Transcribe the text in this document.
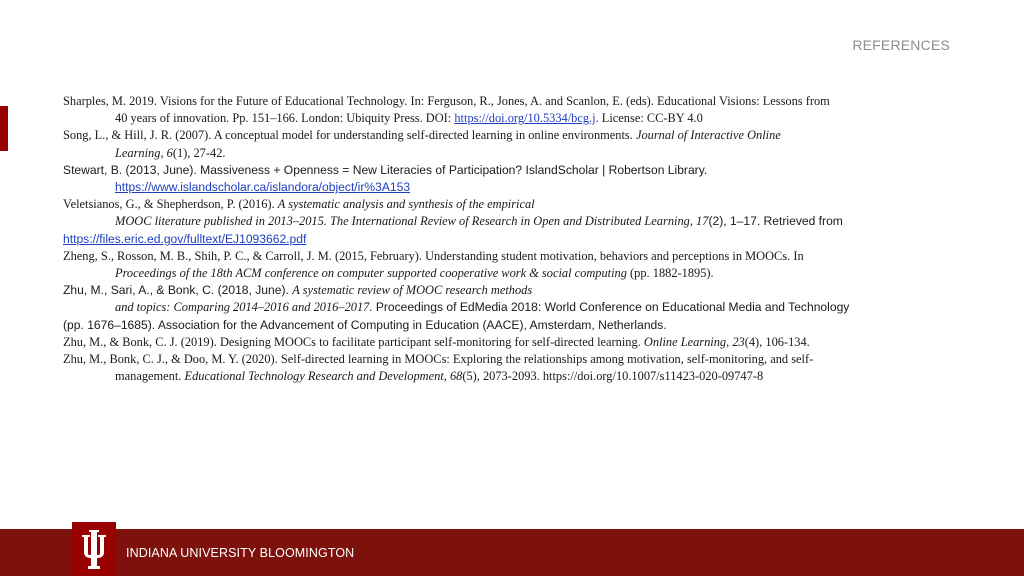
REFERENCES
Sharples, M. 2019. Visions for the Future of Educational Technology. In: Ferguson, R., Jones, A. and Scanlon, E. (eds). Educational Visions: Lessons from
40 years of innovation. Pp. 151–166. London: Ubiquity Press. DOI: https://doi.org/10.5334/bcg.j. License: CC-BY 4.0
Song, L., & Hill, J. R. (2007). A conceptual model for understanding self-directed learning in online environments. Journal of Interactive Online
Learning, 6(1), 27-42.
Stewart, B. (2013, June). Massiveness + Openness = New Literacies of Participation? IslandScholar | Robertson Library.
https://www.islandscholar.ca/islandora/object/ir%3A153
Veletsianos, G., & Shepherdson, P. (2016). A systematic analysis and synthesis of the empirical
MOOC literature published in 2013–2015. The International Review of Research in Open and Distributed Learning, 17(2), 1–17. Retrieved from
https://files.eric.ed.gov/fulltext/EJ1093662.pdf
Zheng, S., Rosson, M. B., Shih, P. C., & Carroll, J. M. (2015, February). Understanding student motivation, behaviors and perceptions in MOOCs. In
Proceedings of the 18th ACM conference on computer supported cooperative work & social computing (pp. 1882-1895).
Zhu, M., Sari, A., & Bonk, C. (2018, June). A systematic review of MOOC research methods
and topics: Comparing 2014–2016 and 2016–2017. Proceedings of EdMedia 2018: World Conference on Educational Media and Technology
(pp. 1676–1685). Association for the Advancement of Computing in Education (AACE), Amsterdam, Netherlands.
Zhu, M., & Bonk, C. J. (2019). Designing MOOCs to facilitate participant self-monitoring for self-directed learning. Online Learning, 23(4), 106-134.
Zhu, M., Bonk, C. J., & Doo, M. Y. (2020). Self-directed learning in MOOCs: Exploring the relationships among motivation, self-monitoring, and self-
management. Educational Technology Research and Development, 68(5), 2073-2093. https://doi.org/10.1007/s11423-020-09747-8
INDIANA UNIVERSITY BLOOMINGTON
